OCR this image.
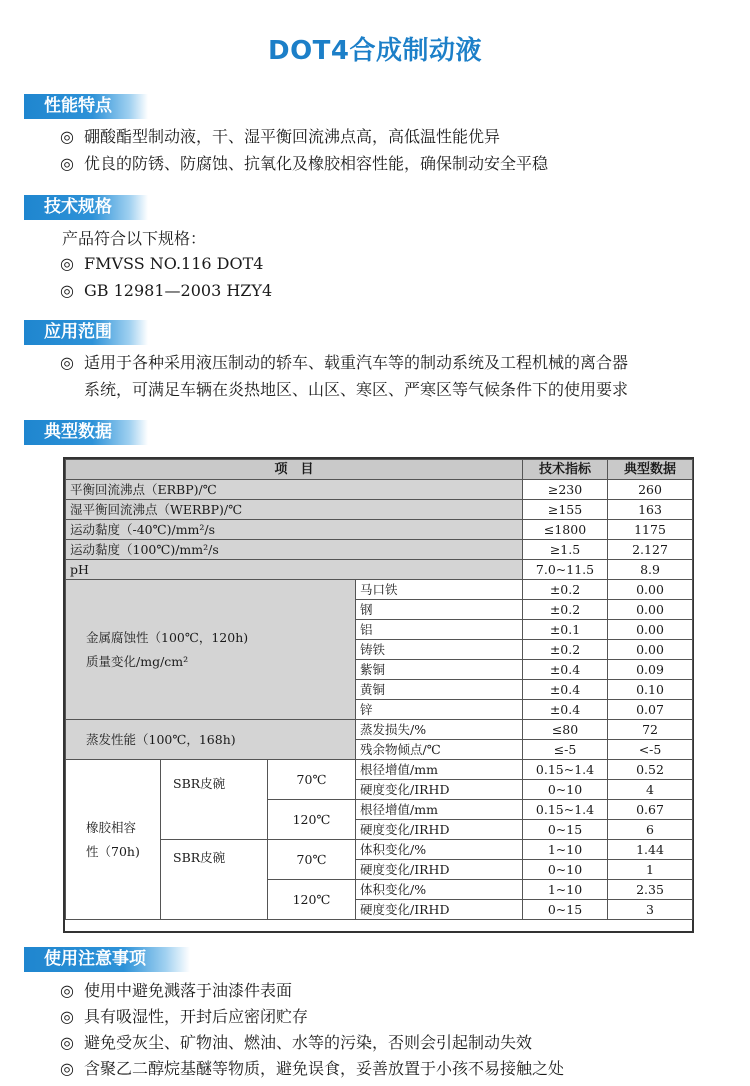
DOT4合成制动液
性能特点
◎ 硼酸酯型制动液，干、湿平衡回流沸点高，高低温性能优异
◎ 优良的防锈、防腐蚀、抗氧化及橡胶相容性能，确保制动安全平稳
技术规格
产品符合以下规格：
◎ FMVSS NO.116 DOT4
◎ GB 12981—2003 HZY4
应用范围
◎ 适用于各种采用液压制动的轿车、载重汽车等的制动系统及工程机械的离合器
系统，可满足车辆在炎热地区、山区、寒区、严寒区等气候条件下的使用要求
典型数据
项　目				技术指标	典型数据
平衡回流沸点（ERBP)/℃				≥230	260
湿平衡回流沸点（WERBP)/℃				≥155	163
运动黏度（-40℃)/mm²/s				≤1800	1175
运动黏度（100℃)/mm²/s				≥1.5	2.127
pH				7.0~11.5	8.9

金属腐蚀性（100℃，120h)
质量变化/mg/cm²			马口铁	±0.2	0.00
			钢	±0.2	0.00
			铝	±0.1	0.00
			铸铁	±0.2	0.00
			紫铜	±0.4	0.09
			黄铜	±0.4	0.10
			锌	±0.4	0.07
蒸发性能（100℃，168h)			蒸发损失/%	≤80	72
			残余物倾点/℃	≤-5	<-5

橡胶相容
性（70h)	SBR皮碗	70℃	根径增值/mm	0.15~1.4	0.52
			硬度变化/IRHD	0~10	4
		120℃	根径增值/mm	0.15~1.4	0.67
			硬度变化/IRHD	0~15	6
	SBR皮碗	70℃	体积变化/%	1~10	1.44
			硬度变化/IRHD	0~10	1
		120℃	体积变化/%	1~10	2.35
			硬度变化/IRHD	0~15	3
使用注意事项
◎ 使用中避免溅落于油漆件表面
◎ 具有吸湿性，开封后应密闭贮存
◎ 避免受灰尘、矿物油、燃油、水等的污染，否则会引起制动失效
◎ 含聚乙二醇烷基醚等物质，避免误食，妥善放置于小孩不易接触之处
